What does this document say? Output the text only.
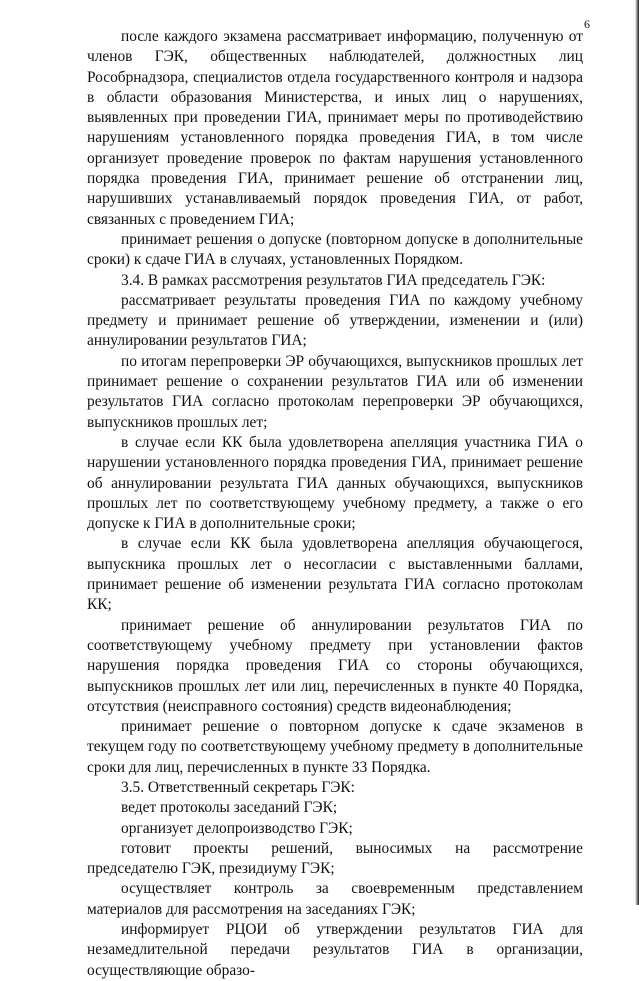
6

после каждого экзамена рассматривает информацию, полученную от членов ГЭК, общественных наблюдателей, должностных лиц Рособрнадзора, специалистов отдела государственного контроля и надзора в области образования Министерства, и иных лиц о нарушениях, выявленных при проведении ГИА, принимает меры по противодействию нарушениям установленного порядка проведения ГИА, в том числе организует проведение проверок по фактам нарушения установленного порядка проведения ГИА, принимает решение об отстранении лиц, нарушивших устанавливаемый порядок проведения ГИА, от работ, связанных с проведением ГИА;

принимает решения о допуске (повторном допуске в дополнительные сроки) к сдаче ГИА в случаях, установленных Порядком.

3.4. В рамках рассмотрения результатов ГИА председатель ГЭК:

рассматривает результаты проведения ГИА по каждому учебному предмету и принимает решение об утверждении, изменении и (или) аннулировании результатов ГИА;

по итогам перепроверки ЭР обучающихся, выпускников прошлых лет принимает решение о сохранении результатов ГИА или об изменении результатов ГИА согласно протоколам перепроверки ЭР обучающихся, выпускников прошлых лет;

в случае если КК была удовлетворена апелляция участника ГИА о нарушении установленного порядка проведения ГИА, принимает решение об аннулировании результата ГИА данных обучающихся, выпускников прошлых лет по соответствующему учебному предмету, а также о его допуске к ГИА в дополнительные сроки;

в случае если КК была удовлетворена апелляция обучающегося, выпускника прошлых лет о несогласии с выставленными баллами, принимает решение об изменении результата ГИА согласно протоколам КК;

принимает решение об аннулировании результатов ГИА по соответствующему учебному предмету при установлении фактов нарушения порядка проведения ГИА со стороны обучающихся, выпускников прошлых лет или лиц, перечисленных в пункте 40 Порядка, отсутствия (неисправного состояния) средств видеонаблюдения;

принимает решение о повторном допуске к сдаче экзаменов в текущем году по соответствующему учебному предмету в дополнительные сроки для лиц, перечисленных в пункте 33 Порядка.

3.5. Ответственный секретарь ГЭК:

ведет протоколы заседаний ГЭК;

организует делопроизводство ГЭК;

готовит проекты решений, выносимых на рассмотрение председателю ГЭК, президиуму ГЭК;

осуществляет контроль за своевременным представлением материалов для рассмотрения на заседаниях ГЭК;

информирует РЦОИ об утверждении результатов ГИА для незамедлительной передачи результатов ГИА в организации, осуществляющие образо-
